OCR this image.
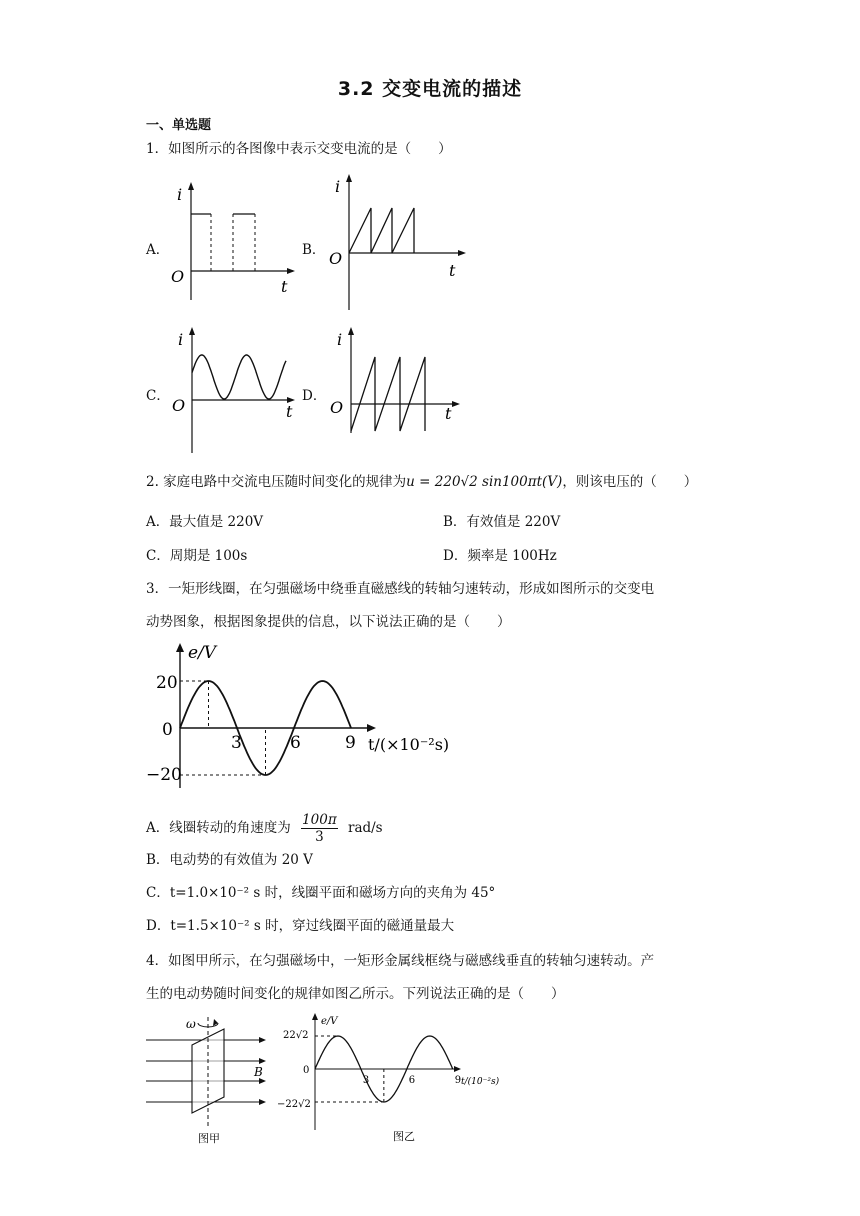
3.2 交变电流的描述
一、单选题
1．如图所示的各图像中表示交变电流的是（　　）
A．
i
O
t
B．
i
O
t
C．
i
O	t
D．
i
O	t
2. 家庭电路中交流电压随时间变化的规律为u = 220√2 sin100πt(V)，则该电压的（　　）
A．最大值是 220V	B．有效值是 220V
C．周期是 100s	D．频率是 100Hz
3．一矩形线圈，在匀强磁场中绕垂直磁感线的转轴匀速转动，形成如图所示的交变电
动势图象，根据图象提供的信息，以下说法正确的是（　　）
e/V
20
0
−20
3	6	9 t/(×10⁻²s)
A．线圈转动的角速度为 $\frac{100\pi}{3} rad/s$
B．电动势的有效值为 20 V
C．t=1.0×10⁻² s 时，线圈平面和磁场方向的夹角为 45°
D．t=1.5×10⁻² s 时，穿过线圈平面的磁通量最大
4．如图甲所示，在匀强磁场中，一矩形金属线框绕与磁感线垂直的转轴匀速转动。产
生的电动势随时间变化的规律如图乙所示。下列说法正确的是（　　）
ω
B
图甲
e/V
22√2
0
−22√2
3	6	9 t/(10⁻²s)
图乙
